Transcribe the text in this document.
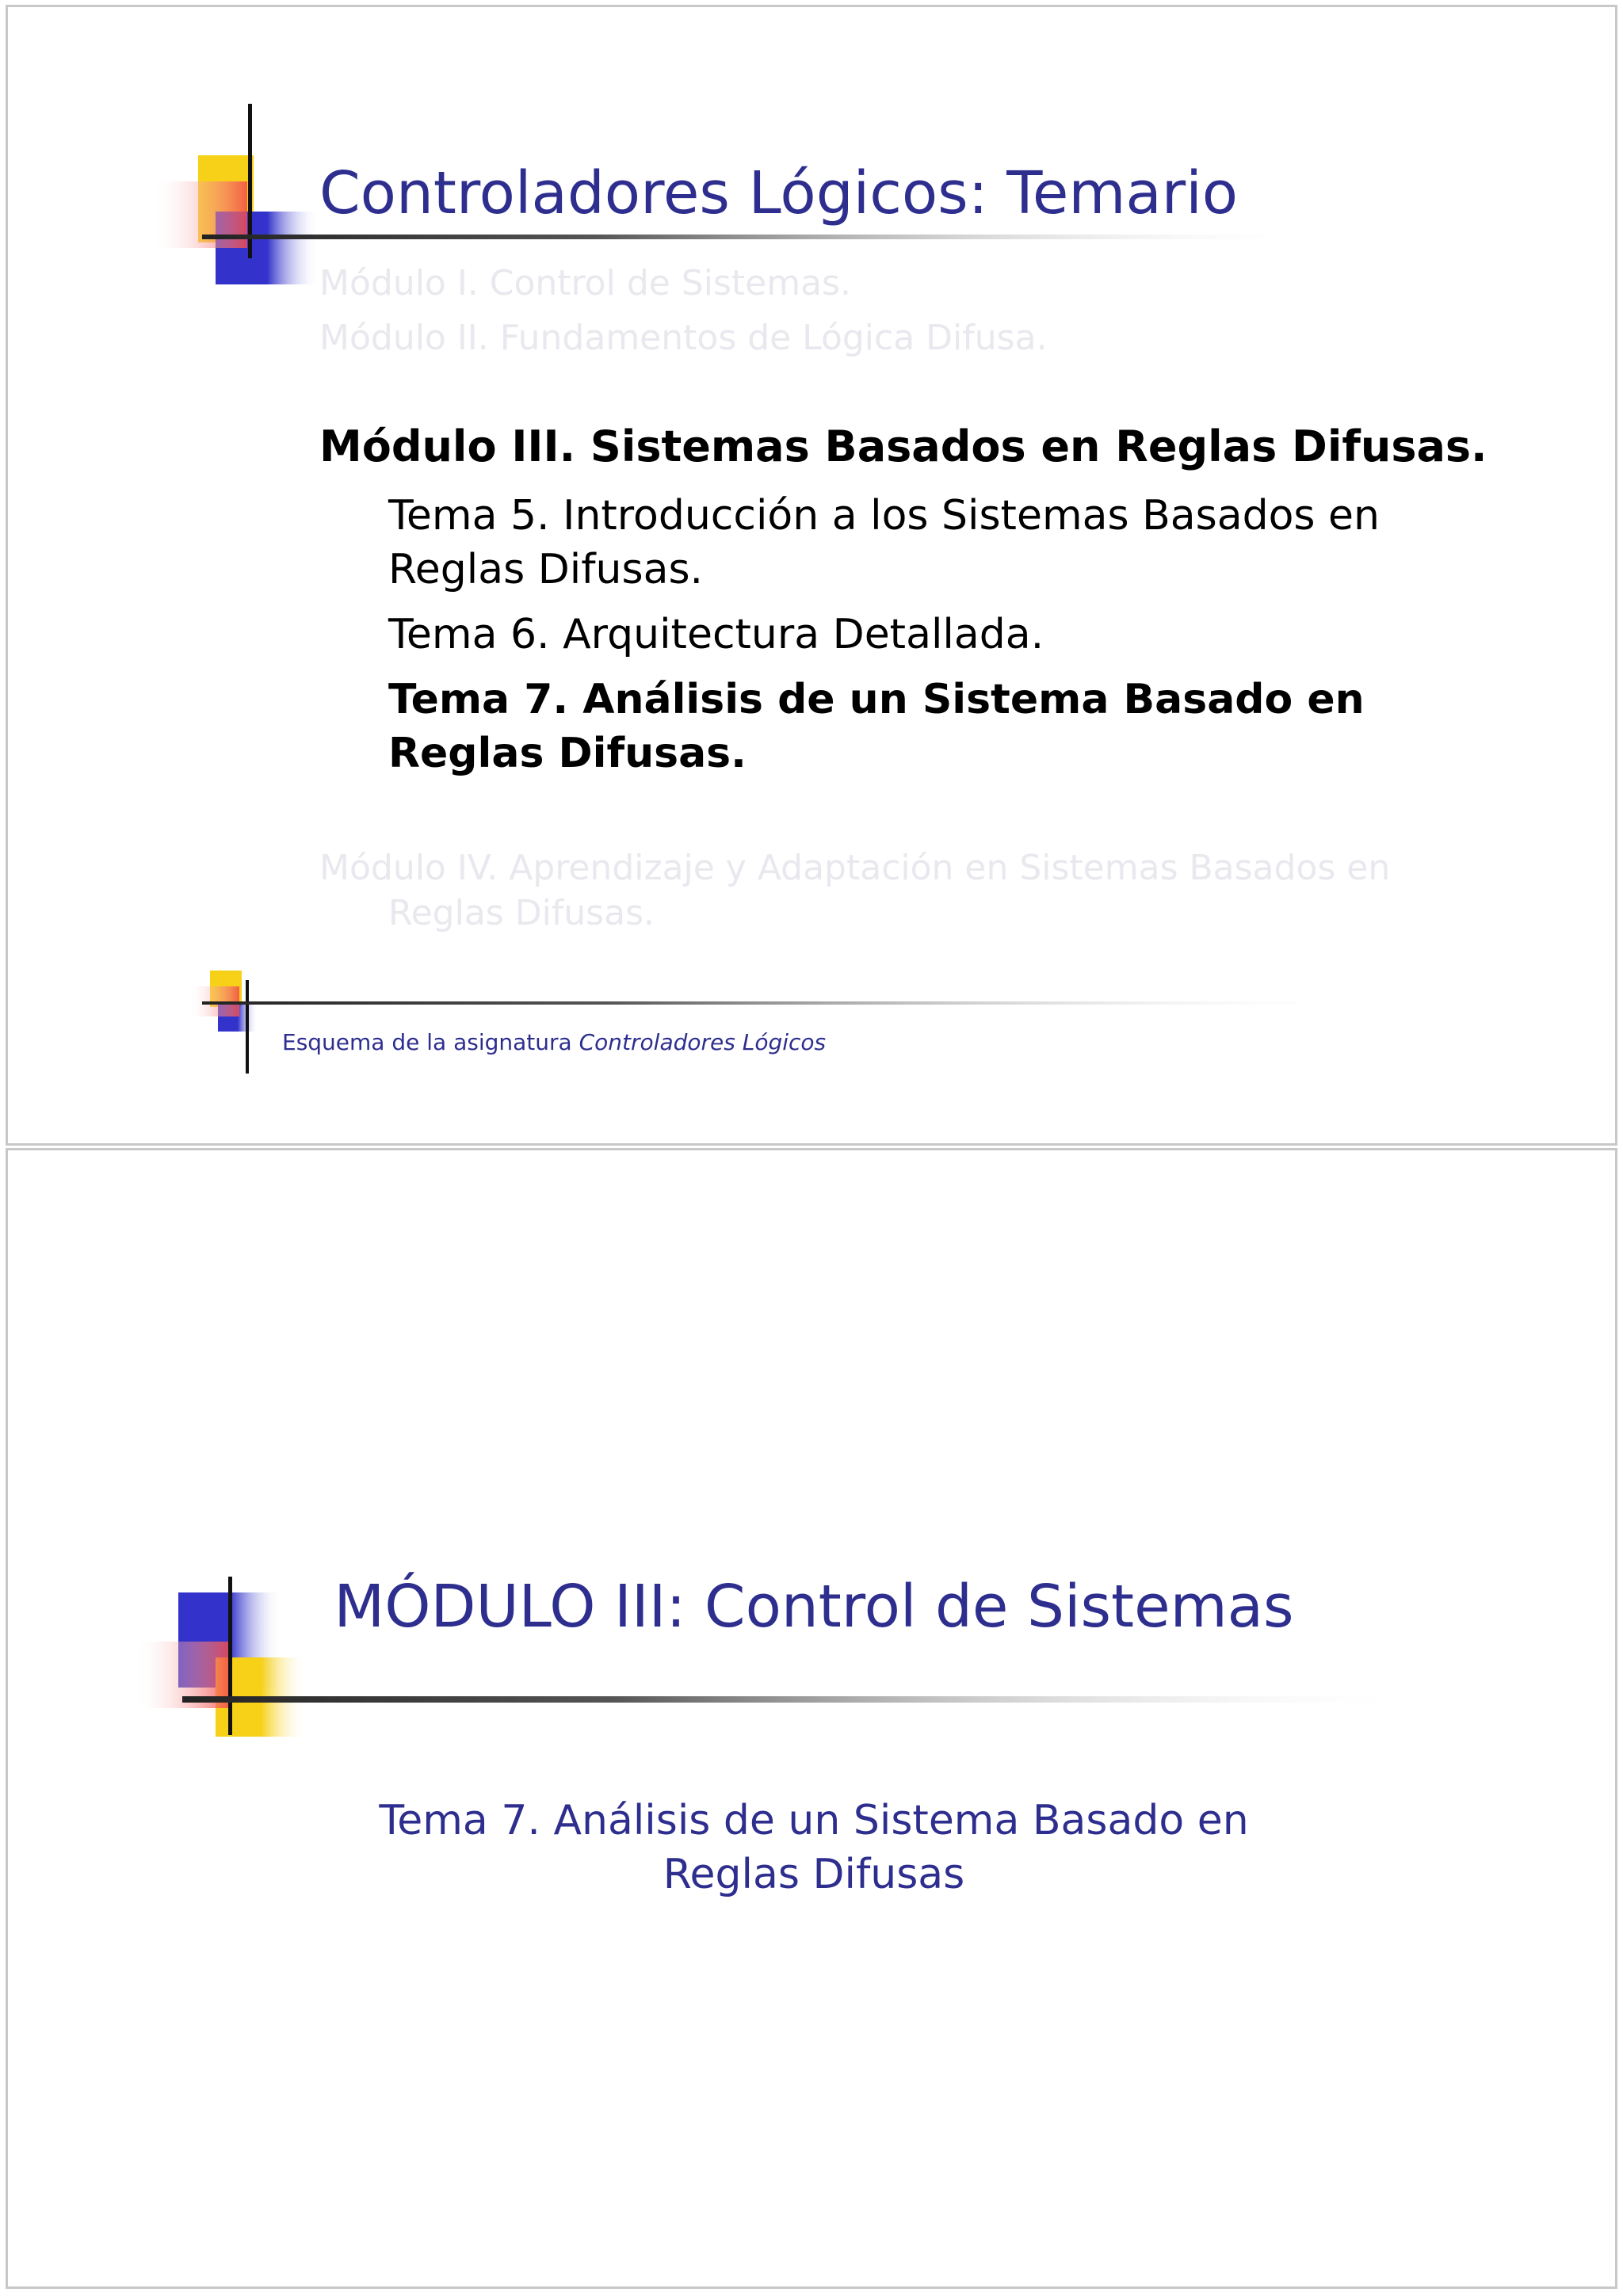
Controladores Lógicos: Temario
Módulo I. Control de Sistemas.
Módulo II. Fundamentos de Lógica Difusa.
Módulo III. Sistemas Basados en Reglas Difusas.
Tema 5. Introducción a los Sistemas Basados en
Reglas Difusas.
Tema 6. Arquitectura Detallada.
Tema 7. Análisis de un Sistema Basado en
Reglas Difusas.
Módulo IV. Aprendizaje y Adaptación en Sistemas Basados en
Reglas Difusas.
Esquema de la asignatura Controladores Lógicos
MÓDULO III: Control de Sistemas
Tema 7. Análisis de un Sistema Basado en
Reglas Difusas
